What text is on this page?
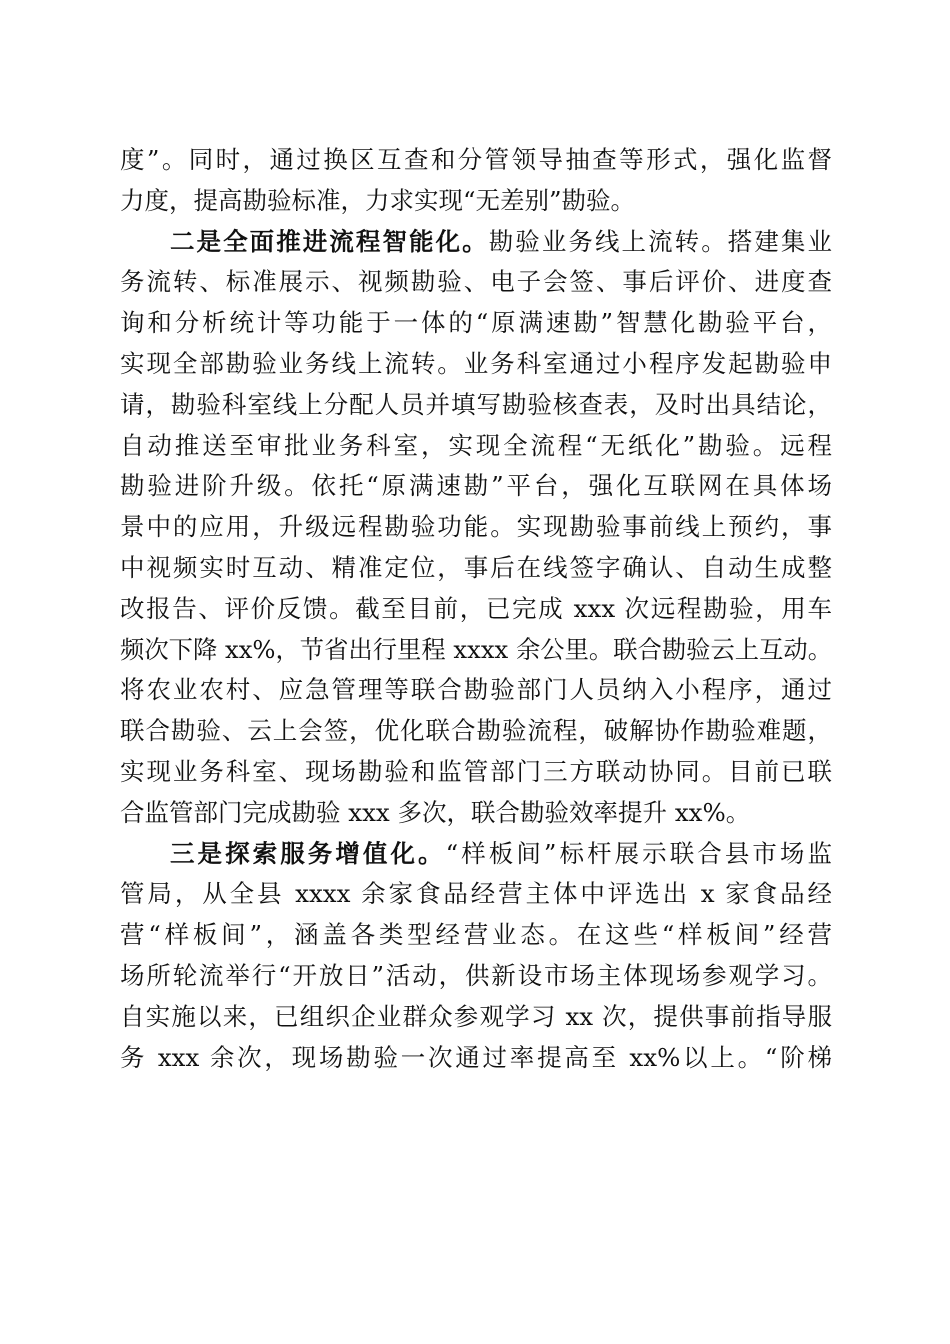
度”。同时，通过换区互查和分管领导抽查等形式，强化监督
力度，提高勘验标准，力求实现“无差别”勘验。
二是全面推进流程智能化。勘验业务线上流转。搭建集业
务流转、标准展示、视频勘验、电子会签、事后评价、进度查
询和分析统计等功能于一体的“原满速勘”智慧化勘验平台，
实现全部勘验业务线上流转。业务科室通过小程序发起勘验申
请，勘验科室线上分配人员并填写勘验核查表，及时出具结论，
自动推送至审批业务科室，实现全流程“无纸化”勘验。远程
勘验进阶升级。依托“原满速勘”平台，强化互联网在具体场
景中的应用，升级远程勘验功能。实现勘验事前线上预约，事
中视频实时互动、精准定位，事后在线签字确认、自动生成整
改报告、评价反馈。截至目前，已完成 xxx 次远程勘验，用车
频次下降 xx%，节省出行里程 xxxx 余公里。联合勘验云上互动。
将农业农村、应急管理等联合勘验部门人员纳入小程序，通过
联合勘验、云上会签，优化联合勘验流程，破解协作勘验难题，
实现业务科室、现场勘验和监管部门三方联动协同。目前已联
合监管部门完成勘验 xxx 多次，联合勘验效率提升 xx%。
三是探索服务增值化。“样板间”标杆展示联合县市场监
管局，从全县 xxxx 余家食品经营主体中评选出 x 家食品经
营“样板间”，涵盖各类型经营业态。在这些“样板间”经营
场所轮流举行“开放日”活动，供新设市场主体现场参观学习。
自实施以来，已组织企业群众参观学习 xx 次，提供事前指导服
务 xxx 余次，现场勘验一次通过率提高至 xx%以上。“阶梯
